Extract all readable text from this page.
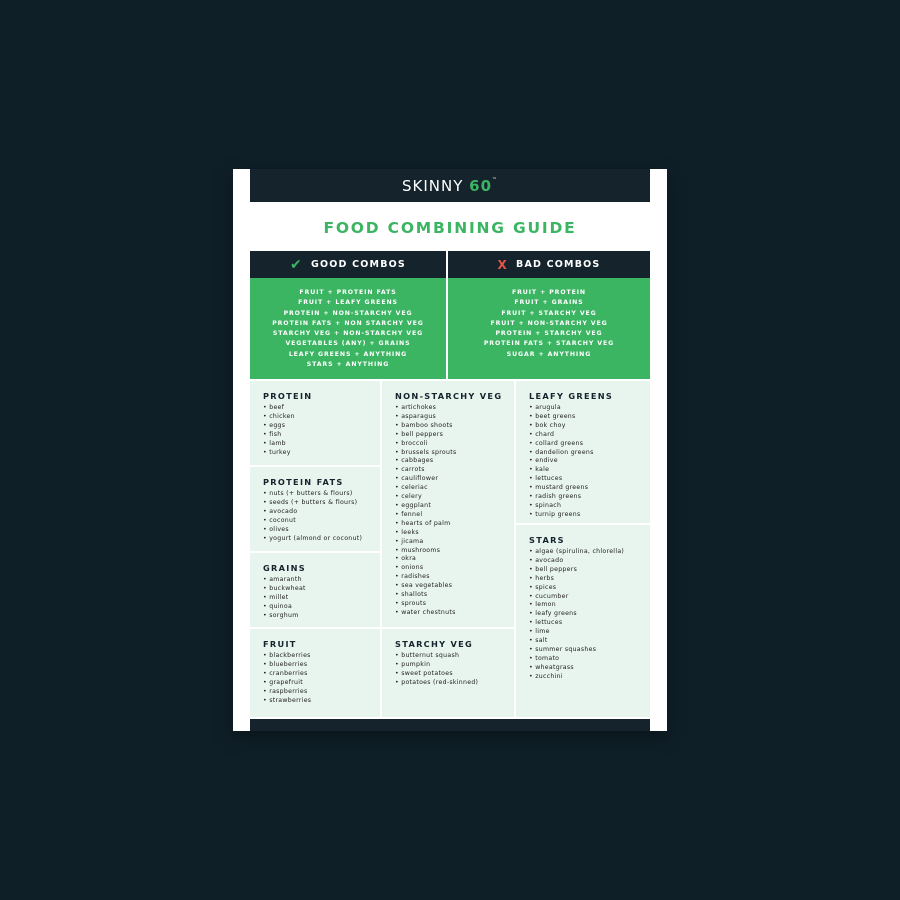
SKINNY 60™
FOOD COMBINING GUIDE
✔ GOOD COMBOS	X BAD COMBOS
FRUIT + PROTEIN FATS
FRUIT + LEAFY GREENS
PROTEIN + NON-STARCHY VEG
PROTEIN FATS + NON STARCHY VEG
STARCHY VEG + NON-STARCHY VEG
VEGETABLES (ANY) + GRAINS
LEAFY GREENS + ANYTHING
STARS + ANYTHING
FRUIT + PROTEIN
FRUIT + GRAINS
FRUIT + STARCHY VEG
FRUIT + NON-STARCHY VEG
PROTEIN + STARCHY VEG
PROTEIN FATS + STARCHY VEG
SUGAR + ANYTHING
PROTEIN
• beef
• chicken
• eggs
• fish
• lamb
• turkey
PROTEIN FATS
• nuts (+ butters & flours)
• seeds (+ butters & flours)
• avocado
• coconut
• olives
• yogurt (almond or coconut)
GRAINS
• amaranth
• buckwheat
• millet
• quinoa
• sorghum
FRUIT
• blackberries
• blueberries
• cranberries
• grapefruit
• raspberries
• strawberries
NON-STARCHY VEG
• artichokes
• asparagus
• bamboo shoots
• bell peppers
• broccoli
• brussels sprouts
• cabbages
• carrots
• cauliflower
• celeriac
• celery
• eggplant
• fennel
• hearts of palm
• leeks
• jicama
• mushrooms
• okra
• onions
• radishes
• sea vegetables
• shallots
• sprouts
• water chestnuts
STARCHY VEG
• butternut squash
• pumpkin
• sweet potatoes
• potatoes (red-skinned)
LEAFY GREENS
• arugula
• beet greens
• bok choy
• chard
• collard greens
• dandelion greens
• endive
• kale
• lettuces
• mustard greens
• radish greens
• spinach
• turnip greens
STARS
• algae (spirulina, chlorella)
• avocado
• bell peppers
• herbs
• spices
• cucumber
• lemon
• leafy greens
• lettuces
• lime
• salt
• summer squashes
• tomato
• wheatgrass
• zucchini
